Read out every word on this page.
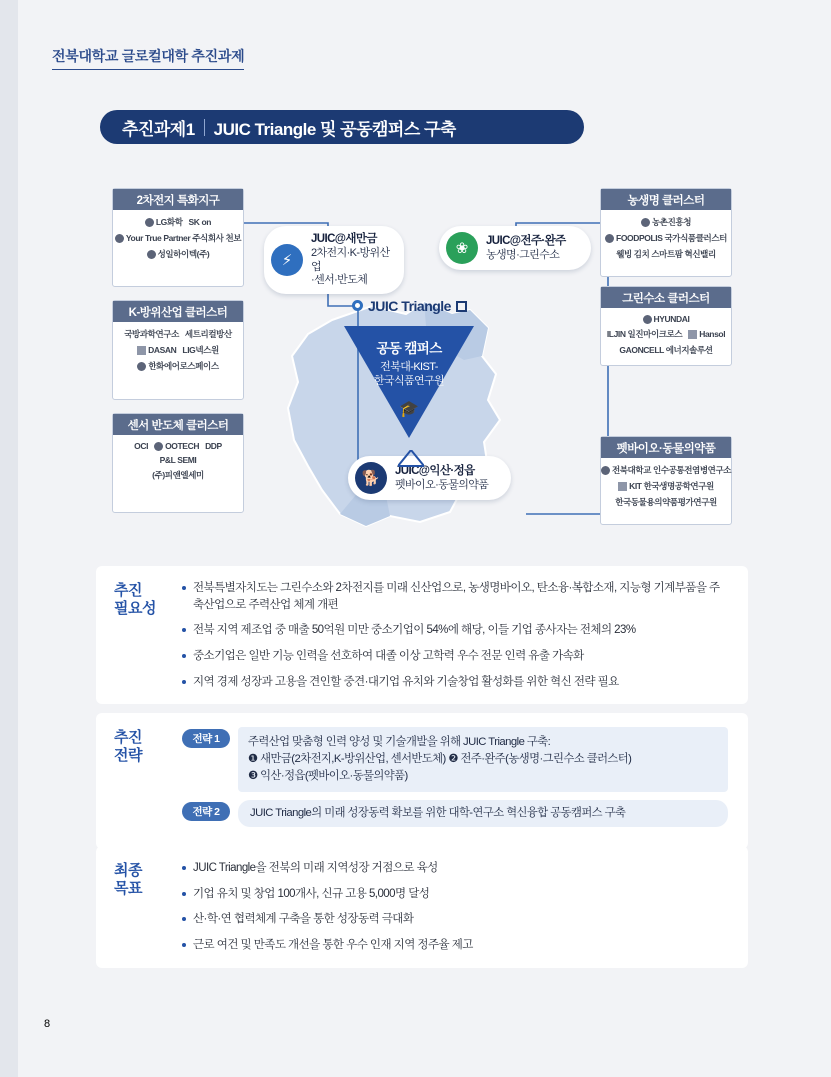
전북대학교 글로컬대학 추진과제
추진과제1 JUIC Triangle 및 공동캠퍼스 구축
2차전지 특화지구
LG화학 SK on
Your True Partner 주식회사 천보
성일하이텍(주)
K-방위산업 클러스터
국방과학연구소 세트리컬방산
DASAN LIG넥스원
한화에어로스페이스
센서 반도체 클러스터
OCI OOTECH DDP
P&L SEMI
(주)피앤엘세미
농생명 클러스터
농촌진흥청
FOODPOLIS 국가식품클러스터
웰빙 김치 스마트팜 혁신밸리
그린수소 클러스터
HYUNDAI
ILJIN 일진마이크로스 Hansol
GAONCELL 에너지솔루션
펫바이오·동물의약품
전북대학교 인수공통전염병연구소
KIT 한국생명공학연구원
한국동물용의약품평가연구원
⚡
JUIC@새만금
2차전지·K-방위산업
·센서·반도체
❀	JUIC@전주·완주
농생명·그린수소
🐕	JUIC@익산·정읍
펫바이오·동물의약품
JUIC Triangle
공동 캠퍼스
전북대-KIST-
한국식품연구원
🎓
추진
필요성
전북특별자치도는 그린수소와 2차전지를 미래 신산업으로, 농생명바이오, 탄소융·복합소재, 지능형 기계부품을 주축산업으로 주력산업 체계 개편
전북 지역 제조업 중 매출 50억원 미만 중소기업이 54%에 해당, 이들 기업 종사자는 전체의 23%
중소기업은 일반 기능 인력을 선호하여 대졸 이상 고학력 우수 전문 인력 유출 가속화
지역 경제 성장과 고용을 견인할 중견·대기업 유치와 기술창업 활성화를 위한 혁신 전략 필요
추진
전략
전략 1	주력산업 맞춤형 인력 양성 및 기술개발을 위해 JUIC Triangle 구축:
❶ 새만금(2차전지,K-방위산업, 센서반도체) ❷ 전주·완주(농생명·그린수소 클러스터)
❸ 익산·정읍(펫바이오·동물의약품)
전략 2	JUIC Triangle의 미래 성장동력 확보를 위한 대학-연구소 혁신융합 공동캠퍼스 구축
최종
목표
JUIC Triangle을 전북의 미래 지역성장 거점으로 육성
기업 유치 및 창업 100개사, 신규 고용 5,000명 달성
산·학·연 협력체계 구축을 통한 성장동력 극대화
근로 여건 및 만족도 개선을 통한 우수 인재 지역 정주율 제고
8
